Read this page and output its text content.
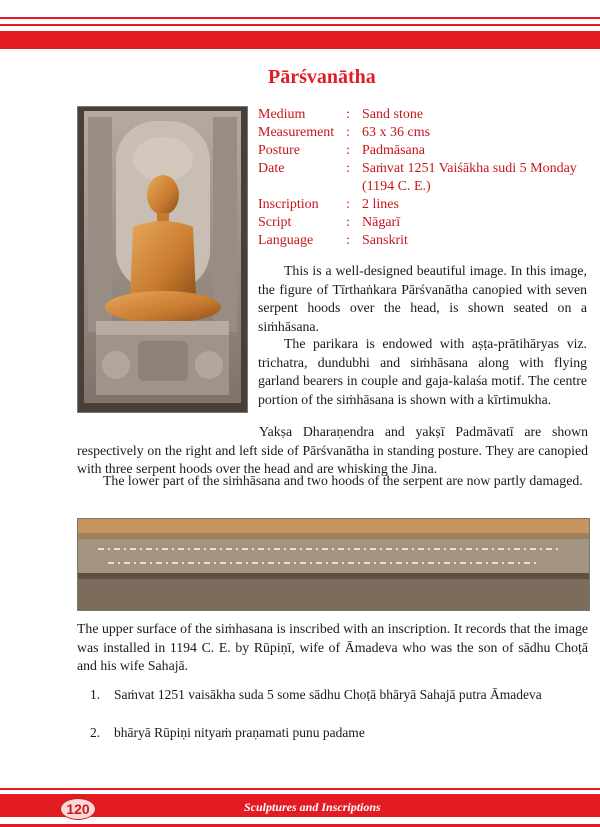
Pārśvanātha
Medium	:	Sand stone
Measurement	:	63 x 36 cms
Posture	:	Padmāsana
Date	:	Saṁvat 1251 Vaiśākha sudi 5 Monday (1194 C. E.)
Inscription	:	2 lines
Script	:	Nāgarī
Language	:	Sanskrit

This is a well-designed beautiful image. In this image, the figure of Tīrthaṅkara Pārśvanātha canopied with seven serpent hoods over the head, is shown seated on a siṁhāsana.

The parikara is endowed with aṣṭa-prātihāryas viz. trichatra, dundubhi and siṁhāsana along with flying garland bearers in couple and gaja-kalaśa motif. The centre portion of the siṁhāsana is shown with a kīrtimukha.

Yakṣa Dharaṇendra and yakṣī Padmāvatī are shown respectively on the right and left side of Pārśvanātha in standing posture. They are canopied with three serpent hoods over the head and are whisking the Jina.

The lower part of the siṁhāsana and two hoods of the serpent are now partly damaged.

The upper surface of the siṁhasana is inscribed with an inscription. It records that the image was installed in 1194 C. E. by Rūpiṇī, wife of Āmadeva who was the son of sādhu Choṭā and his wife Sahajā.

1. Saṁvat 1251 vaisākha suda 5 some sādhu Choṭā bhāryā Sahajā putra Āmadeva
2. bhāryā Rūpiṇi nityaṁ praṇamati punu padame
120	Sculptures and Inscriptions
